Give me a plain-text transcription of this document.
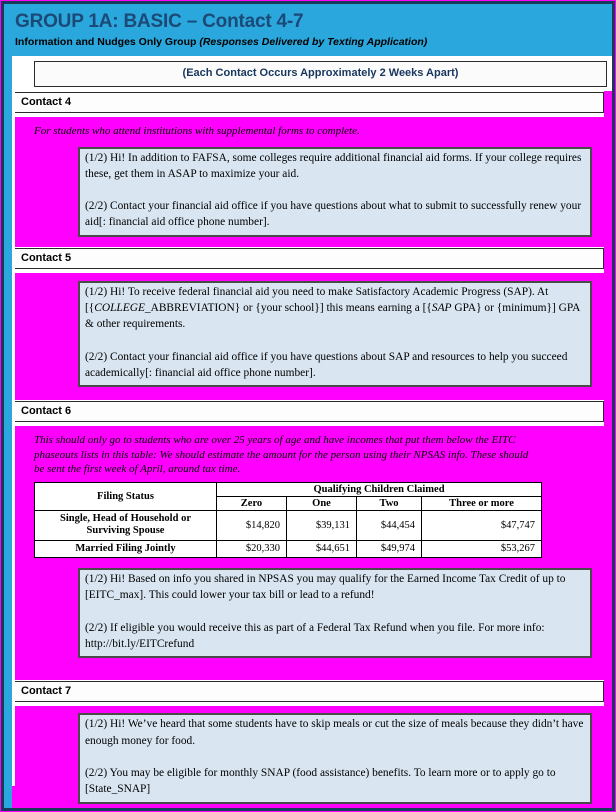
GROUP 1A: BASIC – Contact 4-7
Information and Nudges Only Group (Responses Delivered by Texting Application)
(Each Contact Occurs Approximately 2 Weeks Apart)
Contact 4
For students who attend institutions with supplemental forms to complete.

(1/2) Hi! In addition to FAFSA, some colleges require additional financial aid forms. If your college requires these, get them in ASAP to maximize your aid.

(2/2) Contact your financial aid office if you have questions about what to submit to successfully renew your aid[: financial aid office phone number].

Contact 5

(1/2) Hi! To receive federal financial aid you need to make Satisfactory Academic Progress (SAP). At [{COLLEGE_ABBREVIATION} or {your school}] this means earning a [{SAP GPA} or {minimum}] GPA & other requirements.

(2/2) Contact your financial aid office if you have questions about SAP and resources to help you succeed academically[: financial aid office phone number].

Contact 6
This should only go to students who are over 25 years of age and have incomes that put them below the EITC phaseouts lists in this table: We should estimate the amount for the person using their NPSAS info. These should be sent the first week of April, around tax time.
Filing Status	Qualifying Children Claimed			
	Zero	One	Two	Three or more
Single, Head of Household or Surviving Spouse	$14,820	$39,131	$44,454	$47,747
Married Filing Jointly	$20,330	$44,651	$49,974	$53,267

(1/2) Hi! Based on info you shared in NPSAS you may qualify for the Earned Income Tax Credit of up to [EITC_max]. This could lower your tax bill or lead to a refund!

(2/2) If eligible you would receive this as part of a Federal Tax Refund when you file. For more info: http://bit.ly/EITCrefund

Contact 7

(1/2) Hi! We’ve heard that some students have to skip meals or cut the size of meals because they didn’t have enough money for food.

(2/2) You may be eligible for monthly SNAP (food assistance) benefits. To learn more or to apply go to [State_SNAP]
